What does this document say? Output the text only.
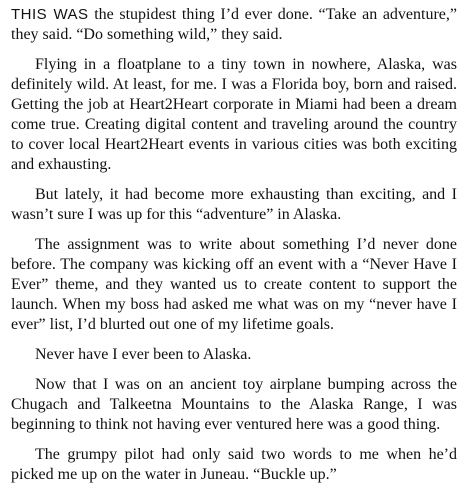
THIS WAS the stupidest thing I’d ever done. “Take an adventure,” they said. “Do something wild,” they said.

Flying in a floatplane to a tiny town in nowhere, Alaska, was definitely wild. At least, for me. I was a Florida boy, born and raised. Getting the job at Heart2Heart corporate in Miami had been a dream come true. Creating digital content and traveling around the country to cover local Heart2Heart events in various cities was both exciting and exhausting.

But lately, it had become more exhausting than exciting, and I wasn’t sure I was up for this “adventure” in Alaska.

The assignment was to write about something I’d never done before. The company was kicking off an event with a “Never Have I Ever” theme, and they wanted us to create content to support the launch. When my boss had asked me what was on my “never have I ever” list, I’d blurted out one of my lifetime goals.

Never have I ever been to Alaska.

Now that I was on an ancient toy airplane bumping across the Chugach and Talkeetna Mountains to the Alaska Range, I was beginning to think not having ever ventured here was a good thing.

The grumpy pilot had only said two words to me when he’d picked me up on the water in Juneau. “Buckle up.”
